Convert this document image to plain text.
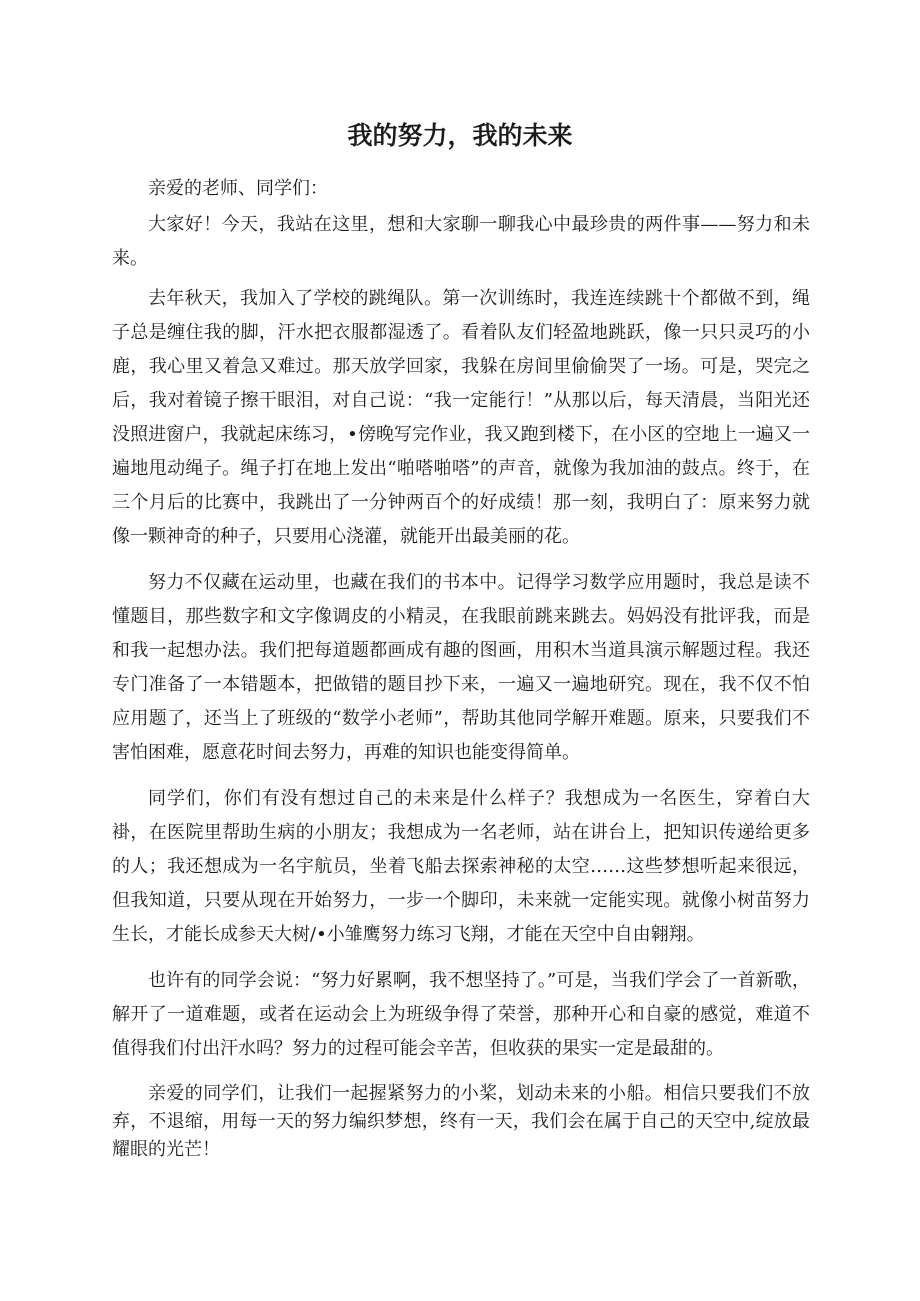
我的努力，我的未来

亲爱的老师、同学们：

大家好！今天，我站在这里，想和大家聊一聊我心中最珍贵的两件事——努力和未来。

去年秋天，我加入了学校的跳绳队。第一次训练时，我连连续跳十个都做不到，绳子总是缠住我的脚，汗水把衣服都湿透了。看着队友们轻盈地跳跃，像一只只灵巧的小鹿，我心里又着急又难过。那天放学回家，我躲在房间里偷偷哭了一场。可是，哭完之后，我对着镜子擦干眼泪，对自己说：“我一定能行！”从那以后，每天清晨，当阳光还没照进窗户，我就起床练习，•傍晚写完作业，我又跑到楼下，在小区的空地上一遍又一遍地甩动绳子。绳子打在地上发出“啪嗒啪嗒”的声音，就像为我加油的鼓点。终于，在三个月后的比赛中，我跳出了一分钟两百个的好成绩！那一刻，我明白了：原来努力就像一颗神奇的种子，只要用心浇灌，就能开出最美丽的花。

努力不仅藏在运动里，也藏在我们的书本中。记得学习数学应用题时，我总是读不懂题目，那些数字和文字像调皮的小精灵，在我眼前跳来跳去。妈妈没有批评我，而是和我一起想办法。我们把每道题都画成有趣的图画，用积木当道具演示解题过程。我还专门准备了一本错题本，把做错的题目抄下来，一遍又一遍地研究。现在，我不仅不怕应用题了，还当上了班级的“数学小老师”，帮助其他同学解开难题。原来，只要我们不害怕困难，愿意花时间去努力，再难的知识也能变得简单。

同学们，你们有没有想过自己的未来是什么样子？我想成为一名医生，穿着白大褂，在医院里帮助生病的小朋友；我想成为一名老师，站在讲台上，把知识传递给更多的人；我还想成为一名宇航员，坐着飞船去探索神秘的太空……这些梦想听起来很远，但我知道，只要从现在开始努力，一步一个脚印，未来就一定能实现。就像小树苗努力生长，才能长成参天大树/•小雏鹰努力练习飞翔，才能在天空中自由翱翔。

也许有的同学会说：“努力好累啊，我不想坚持了。”可是，当我们学会了一首新歌，解开了一道难题，或者在运动会上为班级争得了荣誉，那种开心和自豪的感觉，难道不值得我们付出汗水吗？努力的过程可能会辛苦，但收获的果实一定是最甜的。

亲爱的同学们，让我们一起握紧努力的小桨，划动未来的小船。相信只要我们不放弃，不退缩，用每一天的努力编织梦想，终有一天，我们会在属于自己的天空中,绽放最耀眼的光芒！
